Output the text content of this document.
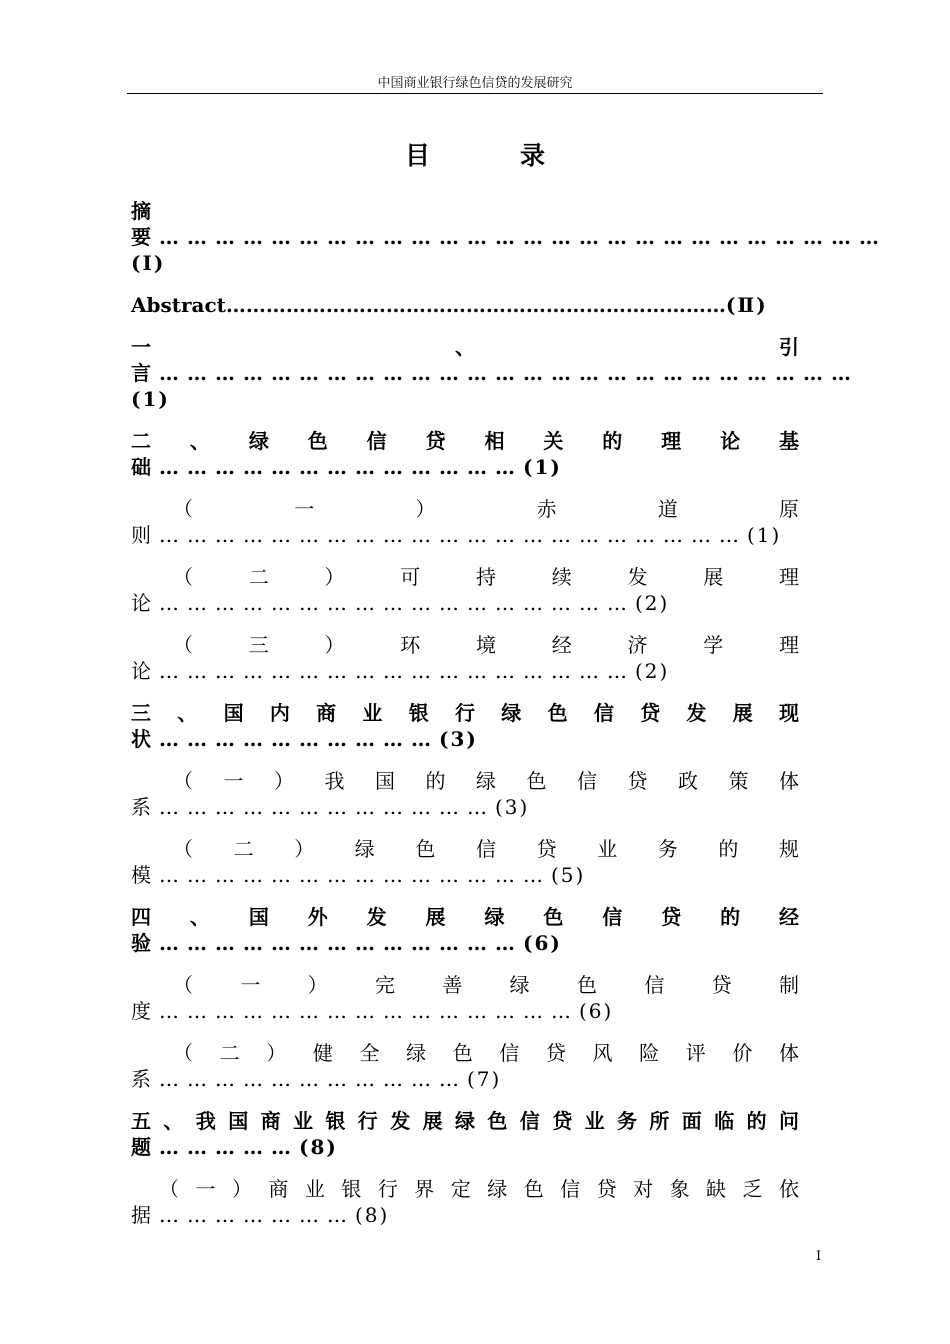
中国商业银行绿色信贷的发展研究
目录
摘要……………………………………………………………………(Ⅰ)
Abstract…………………………………………………………………(Ⅱ)
一、引言…………………………………………………………………(1)
二、绿色信贷相关的理论基础…………………………………(1)
（一）赤道原则………………………………………………………(1)
（二）可持续发展理论……………………………………………(2)
（三）环境经济学理论……………………………………………(2)
三、国内商业银行绿色信贷发展现状…………………………(3)
（一）我国的绿色信贷政策体系………………………………(3)
（二）绿色信贷业务的规模……………………………………(5)
四、国外发展绿色信贷的经验…………………………………(6)
（一）完善绿色信贷制度………………………………………(6)
（二）健全绿色信贷风险评价体系……………………………(7)
五、我国商业银行发展绿色信贷业务所面临的问题……………(8)
（一）商业银行界定绿色信贷对象缺乏依据…………………(8)
I
